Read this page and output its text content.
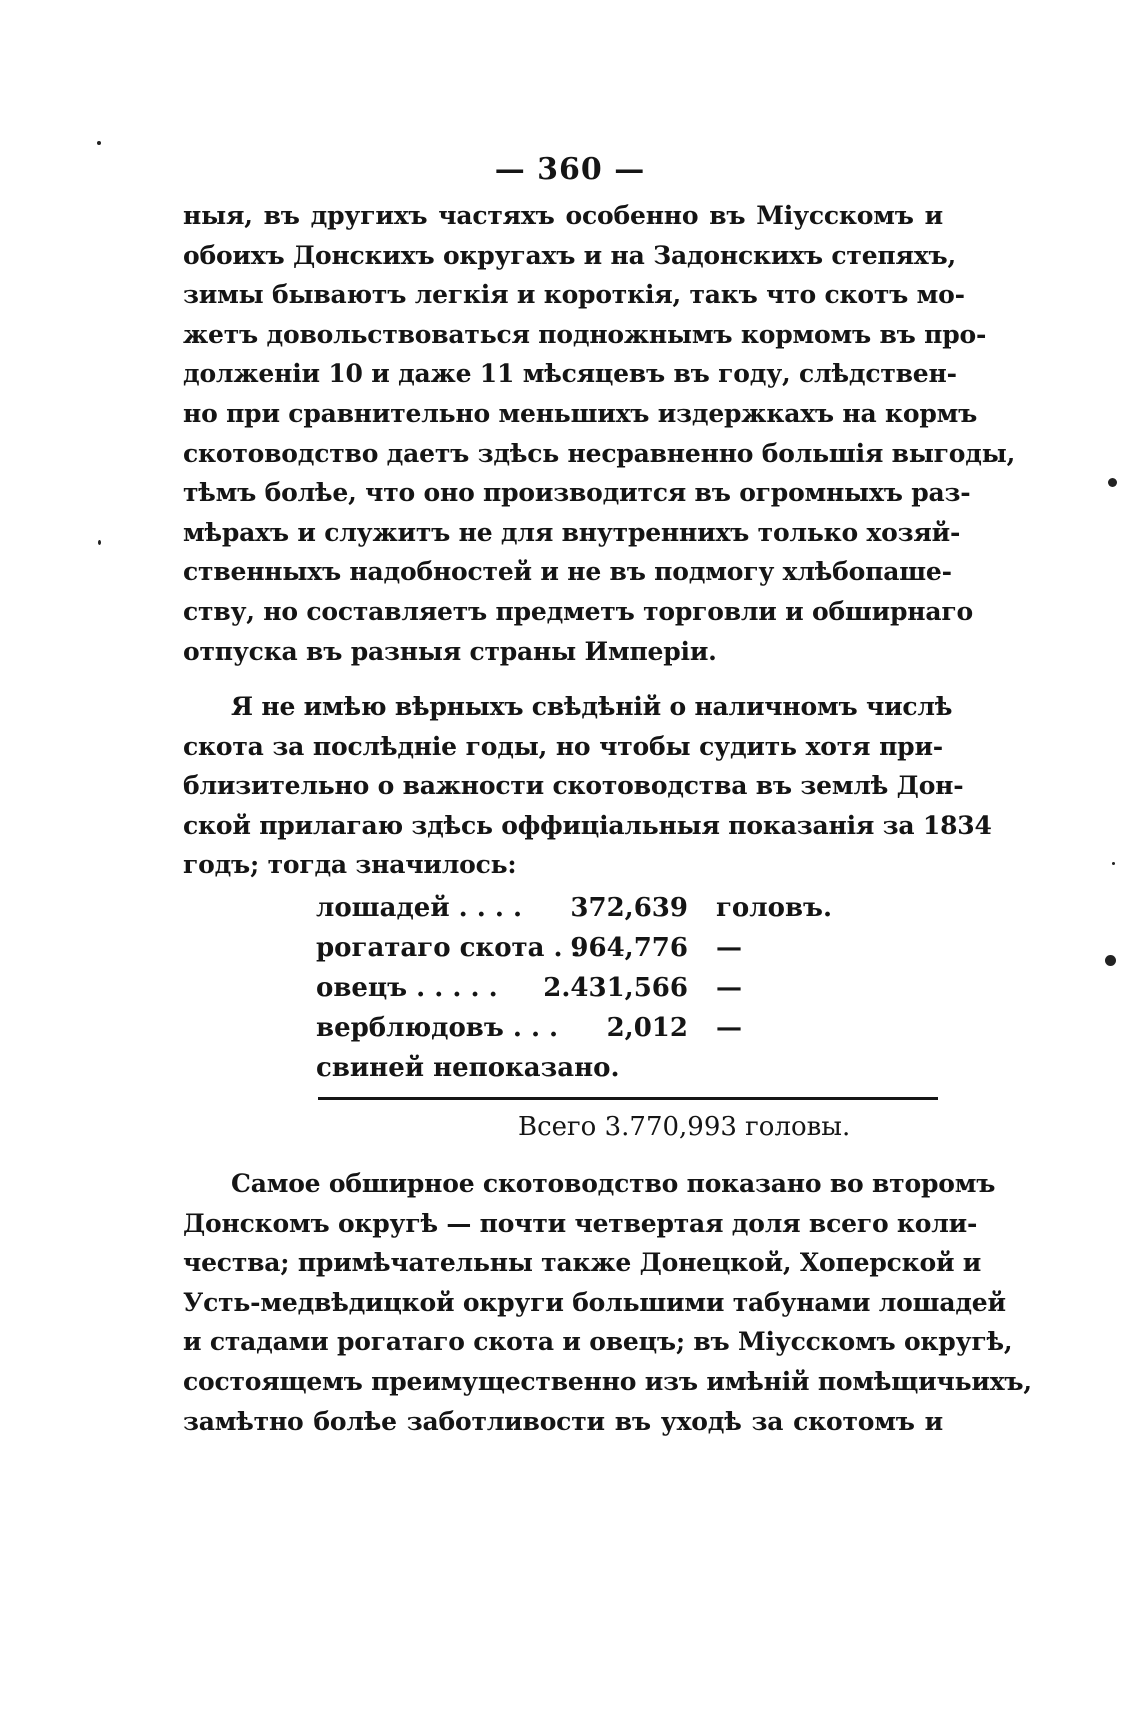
— 360 —
ныя, въ другихъ частяхъ особенно въ Міусскомъ и
обоихъ Донскихъ округахъ и на Задонскихъ степяхъ,
зимы бываютъ легкія и короткія, такъ что скотъ мо-
жетъ довольствоваться подножнымъ кормомъ въ про-
долженіи 10 и даже 11 мѣсяцевъ въ году, слѣдствен-
но при сравнительно меньшихъ издержкахъ на кормъ
скотоводство даетъ здѣсь несравненно большія выгоды,
тѣмъ болѣе, что оно производится въ огромныхъ раз-
мѣрахъ и служитъ не для внутреннихъ только хозяй-
ственныхъ надобностей и не въ подмогу хлѣбопаше-
ству, но составляетъ предметъ торговли и обширнаго
отпуска въ разныя страны Имперіи.
Я не имѣю вѣрныхъ свѣдѣній о наличномъ числѣ
скота за послѣдніе годы, но чтобы судить хотя при-
близительно о важности скотоводства въ землѣ Дон-
ской прилагаю здѣсь оффиціальныя показанія за 1834
годъ; тогда значилось:
лошадей . . . . 372,639 головъ.
рогатаго скота . .
964,776 —
овецъ . . . . . 2.431,566 —
верблюдовъ . . . 2,012 —
свиней непоказано.
Всего 3.770,993 головы.
Самое обширное скотоводство показано во второмъ
Донскомъ округѣ — почти четвертая доля всего коли-
чества; примѣчательны также Донецкой, Хоперской и
Усть-медвѣдицкой округи большими табунами лошадей
и стадами рогатаго скота и овецъ; въ Міусскомъ округѣ,
состоящемъ преимущественно изъ имѣній помѣщичьихъ,
замѣтно болѣе заботливости въ уходѣ за скотомъ и
